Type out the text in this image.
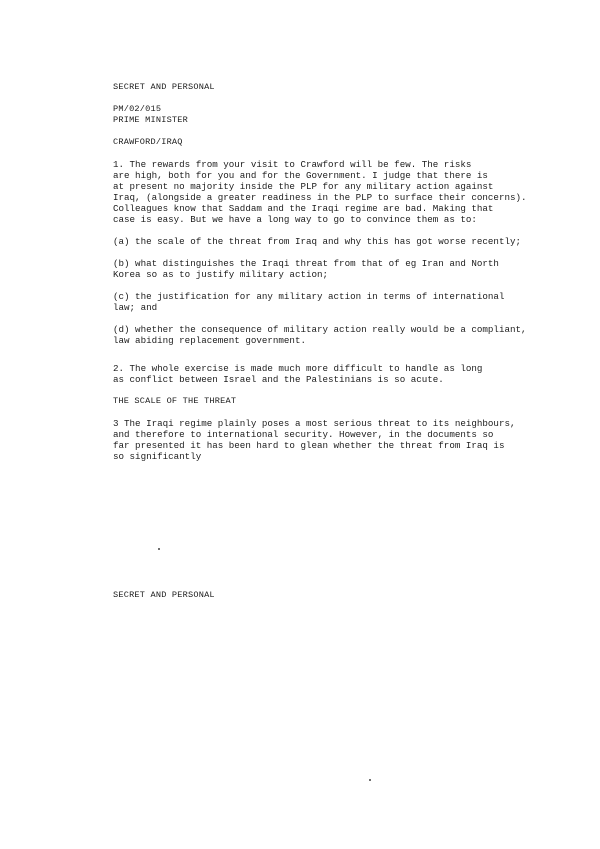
SECRET AND PERSONAL
PM/02/015
PRIME MINISTER
CRAWFORD/IRAQ
1. The rewards from your visit to Crawford will be few. The risks
are high, both for you and for the Government. I judge that there is
at present no majority inside the PLP for any military action against
Iraq, (alongside a greater readiness in the PLP to surface their concerns).
Colleagues know that Saddam and the Iraqi regime are bad. Making that
case is easy. But we have a long way to go to convince them as to:
(a) the scale of the threat from Iraq and why this has got worse recently;
(b) what distinguishes the Iraqi threat from that of eg Iran and North
Korea so as to justify military action;
(c) the justification for any military action in terms of international
law; and
(d) whether the consequence of military action really would be a compliant,
law abiding replacement government.
2. The whole exercise is made much more difficult to handle as long
as conflict between Israel and the Palestinians is so acute.
THE SCALE OF THE THREAT
3 The Iraqi regime plainly poses a most serious threat to its neighbours,
and therefore to international security. However, in the documents so
far presented it has been hard to glean whether the threat from Iraq is
so significantly
SECRET AND PERSONAL
